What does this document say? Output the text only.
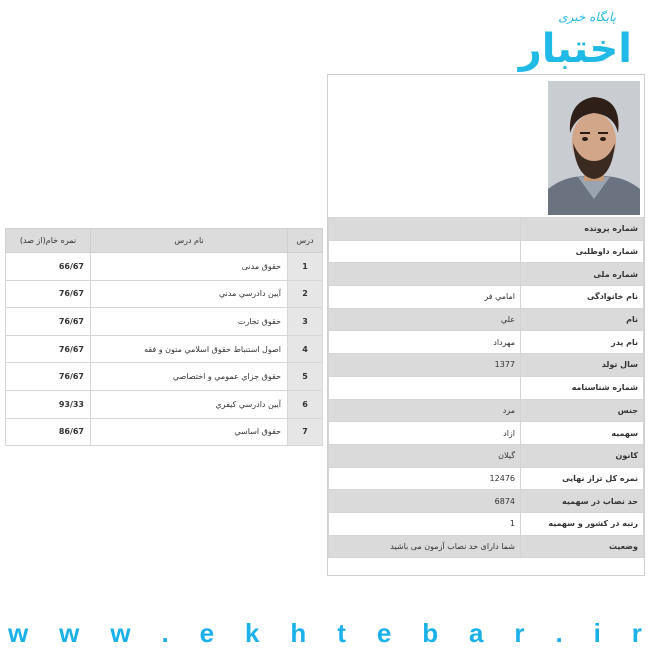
پایگاه خبری
اختبار
شماره پرونده	
شماره داوطلبی	
شماره ملی	
نام خانوادگی	امامي فر
نام	علي
نام پدر	مهرداد
سال تولد	1377
شماره شناسنامه	
جنس	مرد
سهميه	ازاد
كانون	گيلان
نمره کل تراز نهایی	12476
حد نصاب در سهمیه	6874
رتبه در کشور و سهمیه	1
وضعیت	شما دارای حد نصاب آزمون می باشید
درس	نام درس	نمره خام(از صد)
1	حقوق مدنی	66/67
2	آيين دادرسي مدني	76/67
3	حقوق تجارت	76/67
4	اصول استنباط حقوق اسلامي متون و فقه	76/67
5	حقوق جزاي عمومي و اختصاصي	76/67
6	آيين دادرسي كيفري	93/33
7	حقوق اساسي	86/67
w w w . e k h t e b a r . i r
